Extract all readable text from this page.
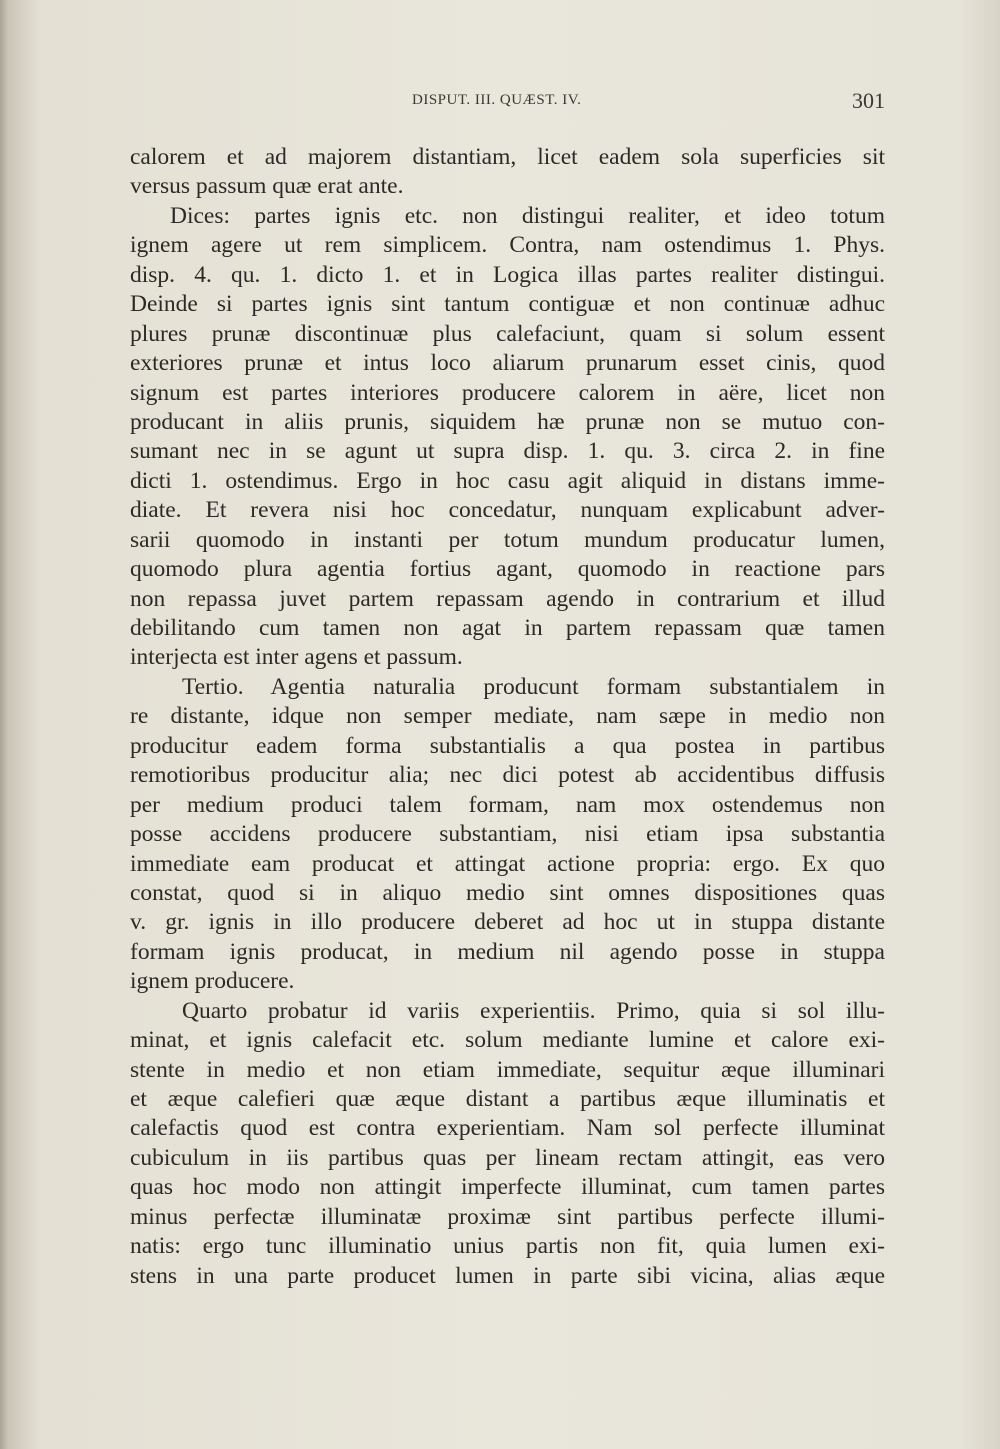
DISPUT. III. QUÆST. IV.	301
calorem et ad majorem distantiam, licet eadem sola superficies sit
versus passum quæ erat ante.
Dices: partes ignis etc. non distingui realiter, et ideo totum
ignem agere ut rem simplicem. Contra, nam ostendimus 1. Phys.
disp. 4. qu. 1. dicto 1. et in Logica illas partes realiter distingui.
Deinde si partes ignis sint tantum contiguæ et non continuæ adhuc
plures prunæ discontinuæ plus calefaciunt, quam si solum essent
exteriores prunæ et intus loco aliarum prunarum esset cinis, quod
signum est partes interiores producere calorem in aëre, licet non
producant in aliis prunis, siquidem hæ prunæ non se mutuo con-
sumant nec in se agunt ut supra disp. 1. qu. 3. circa 2. in fine
dicti 1. ostendimus. Ergo in hoc casu agit aliquid in distans imme-
diate. Et revera nisi hoc concedatur, nunquam explicabunt adver-
sarii quomodo in instanti per totum mundum producatur lumen,
quomodo plura agentia fortius agant, quomodo in reactione pars
non repassa juvet partem repassam agendo in contrarium et illud
debilitando cum tamen non agat in partem repassam quæ tamen
interjecta est inter agens et passum.
Tertio. Agentia naturalia producunt formam substantialem in
re distante, idque non semper mediate, nam sæpe in medio non
producitur eadem forma substantialis a qua postea in partibus
remotioribus producitur alia; nec dici potest ab accidentibus diffusis
per medium produci talem formam, nam mox ostendemus non
posse accidens producere substantiam, nisi etiam ipsa substantia
immediate eam producat et attingat actione propria: ergo. Ex quo
constat, quod si in aliquo medio sint omnes dispositiones quas
v. gr. ignis in illo producere deberet ad hoc ut in stuppa distante
formam ignis producat, in medium nil agendo posse in stuppa
ignem producere.
Quarto probatur id variis experientiis. Primo, quia si sol illu-
minat, et ignis calefacit etc. solum mediante lumine et calore exi-
stente in medio et non etiam immediate, sequitur æque illuminari
et æque calefieri quæ æque distant a partibus æque illuminatis et
calefactis quod est contra experientiam. Nam sol perfecte illuminat
cubiculum in iis partibus quas per lineam rectam attingit, eas vero
quas hoc modo non attingit imperfecte illuminat, cum tamen partes
minus perfectæ illuminatæ proximæ sint partibus perfecte illumi-
natis: ergo tunc illuminatio unius partis non fit, quia lumen exi-
stens in una parte producet lumen in parte sibi vicina, alias æque
